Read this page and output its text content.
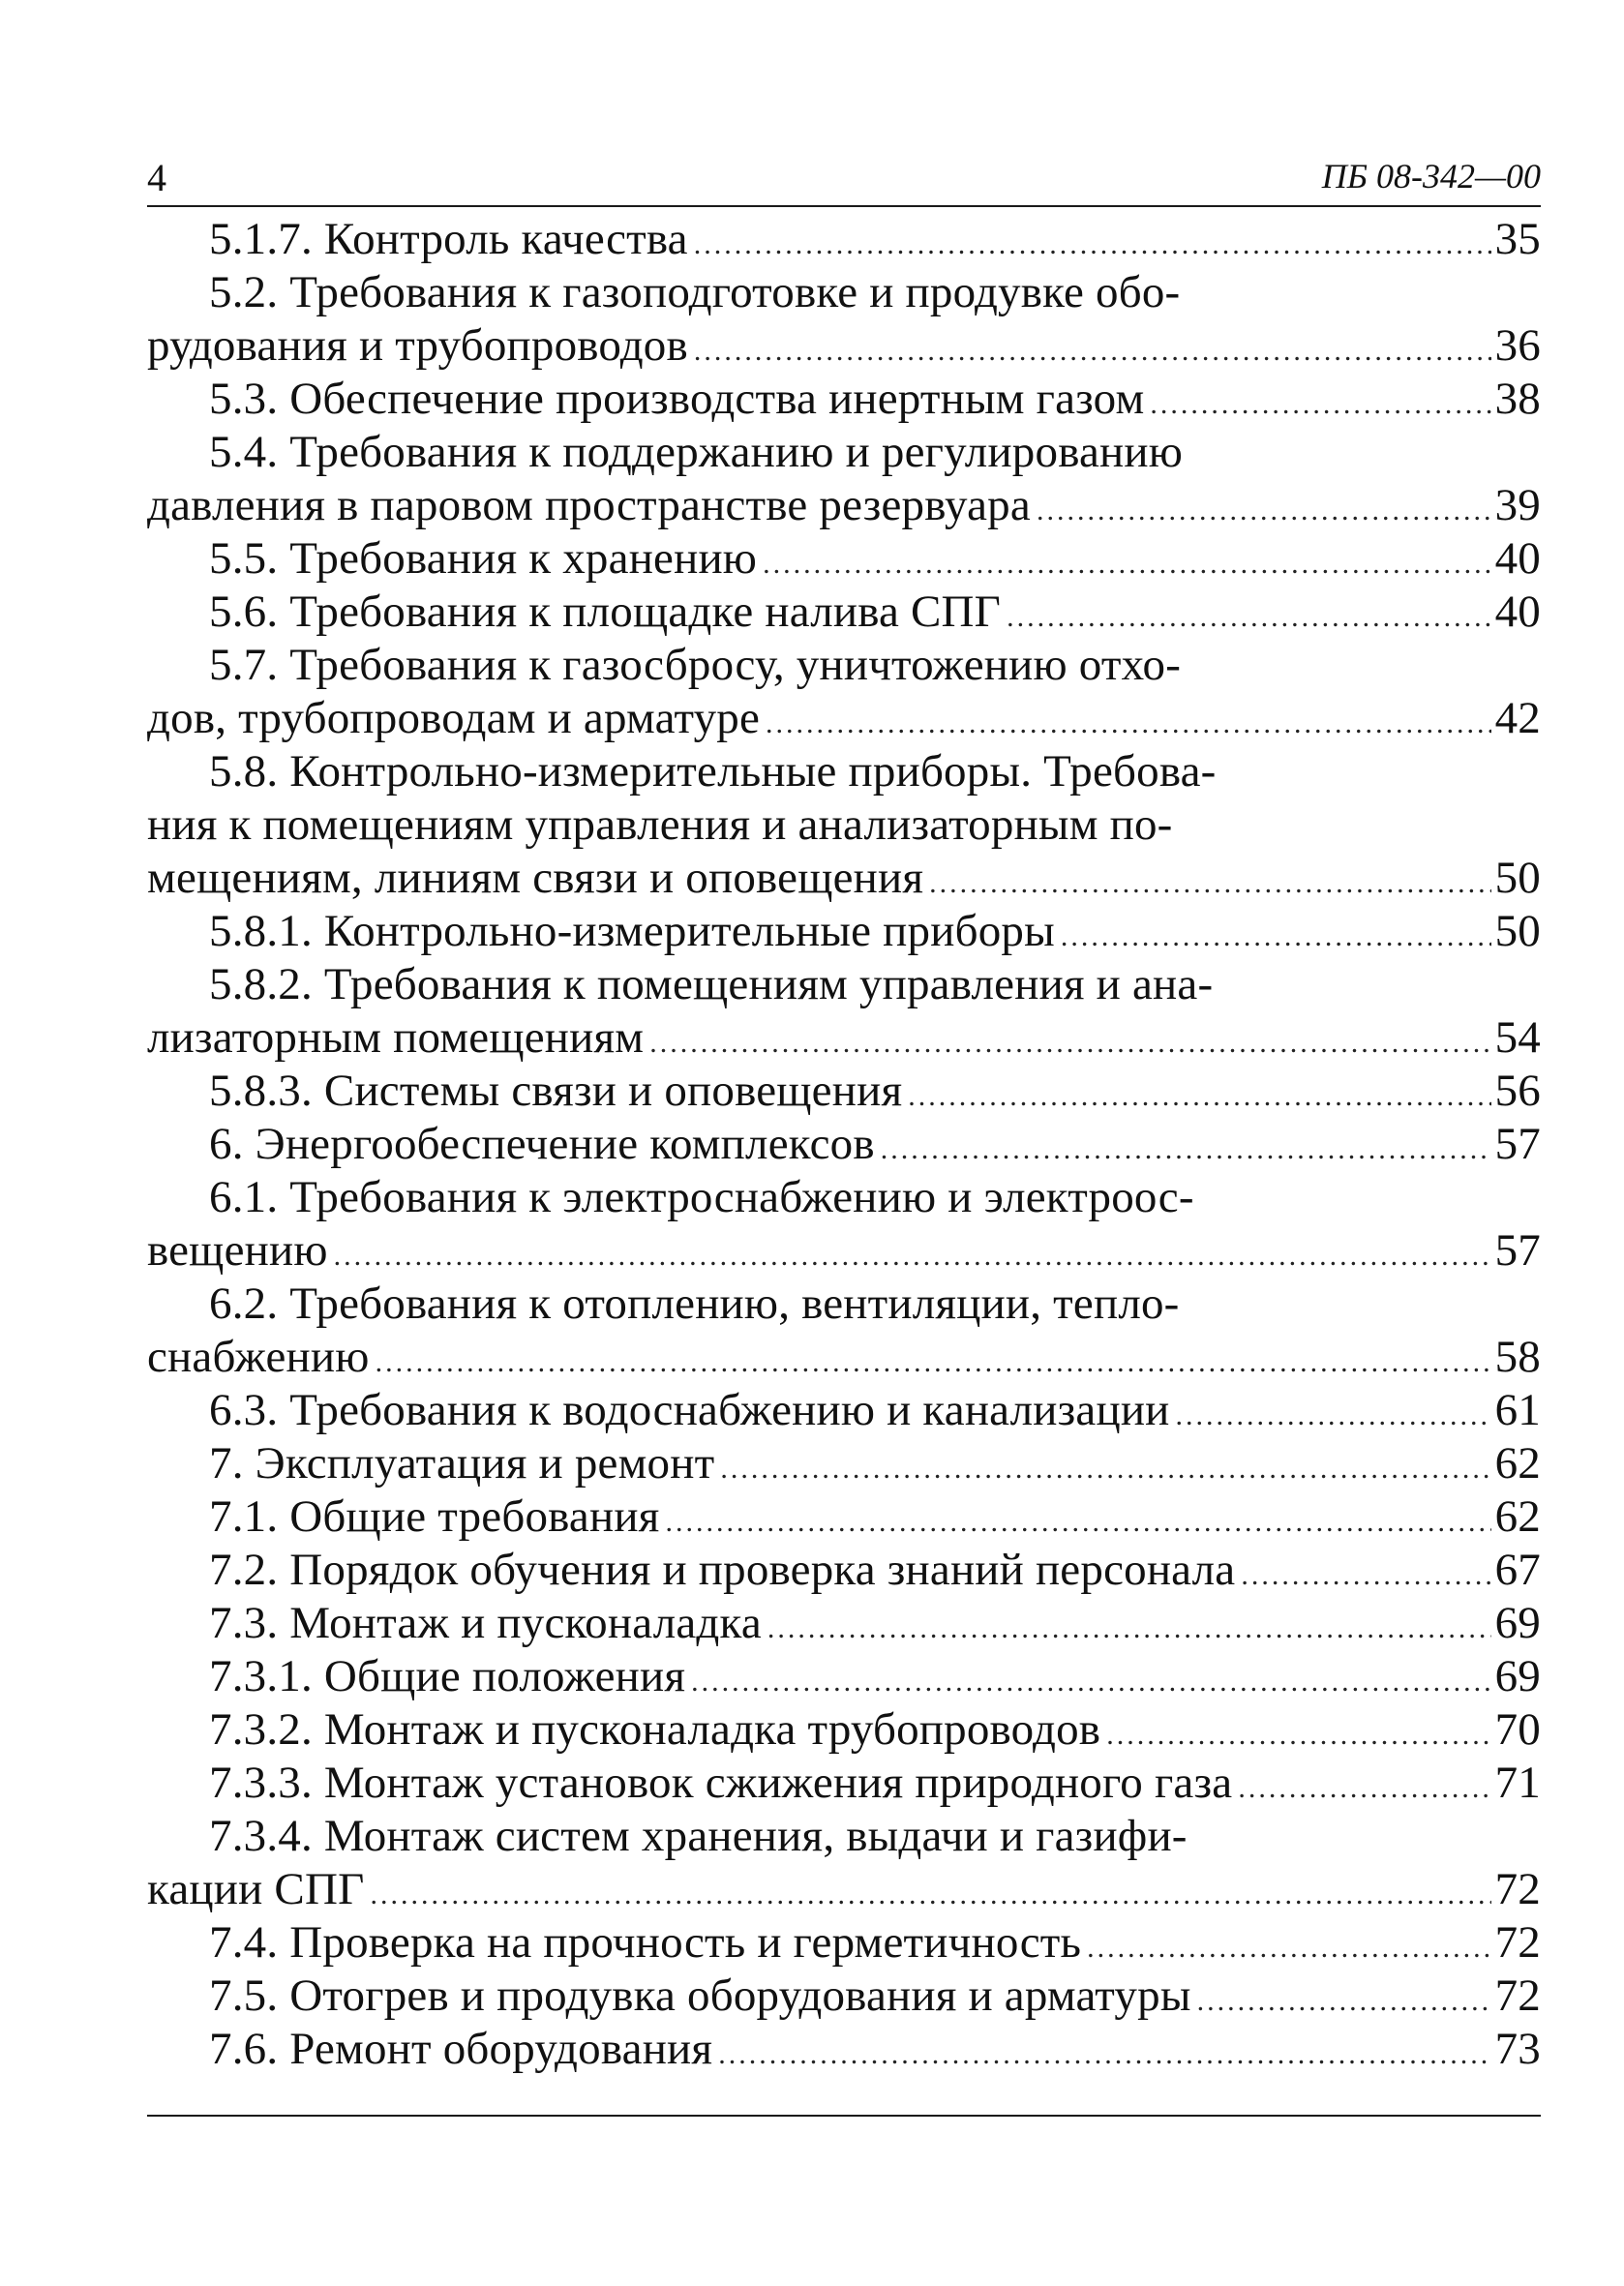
4	ПБ 08-342—00
5.1.7. Контроль качества .....	35
5.2. Требования к газоподготовке и продувке обо-
рудования и трубопроводов .....	36
5.3. Обеспечение производства инертным газом .....	38
5.4. Требования к поддержанию и регулированию
давления в паровом пространстве резервуара .....	39
5.5. Требования к хранению .....	40
5.6. Требования к площадке налива СПГ .....	40
5.7. Требования к газосбросу, уничтожению отхо-
дов, трубопроводам и арматуре .....	42
5.8. Контрольно-измерительные приборы. Требова-
ния к помещениям управления и анализаторным по-
мещениям, линиям связи и оповещения .....	50
5.8.1. Контрольно-измерительные приборы .....	50
5.8.2. Требования к помещениям управления и ана-
лизаторным помещениям .....	54
5.8.3. Системы связи и оповещения .....	56
6. Энергообеспечение комплексов .....	57
6.1. Требования к электроснабжению и электроос-
вещению .....	57
6.2. Требования к отоплению, вентиляции, тепло-
снабжению .....	58
6.3. Требования к водоснабжению и канализации .....	61
7. Эксплуатация и ремонт .....	62
7.1. Общие требования .....	62
7.2. Порядок обучения и проверка знаний персонала .....	67
7.3. Монтаж и пусконаладка .....	69
7.3.1. Общие положения .....	69
7.3.2. Монтаж и пусконаладка трубопроводов .....	70
7.3.3. Монтаж установок сжижения природного газа .....	71
7.3.4. Монтаж систем хранения, выдачи и газифи-
кации СПГ .....	72
7.4. Проверка на прочность и герметичность .....	72
7.5. Отогрев и продувка оборудования и арматуры .....	72
7.6. Ремонт оборудования .....	73
